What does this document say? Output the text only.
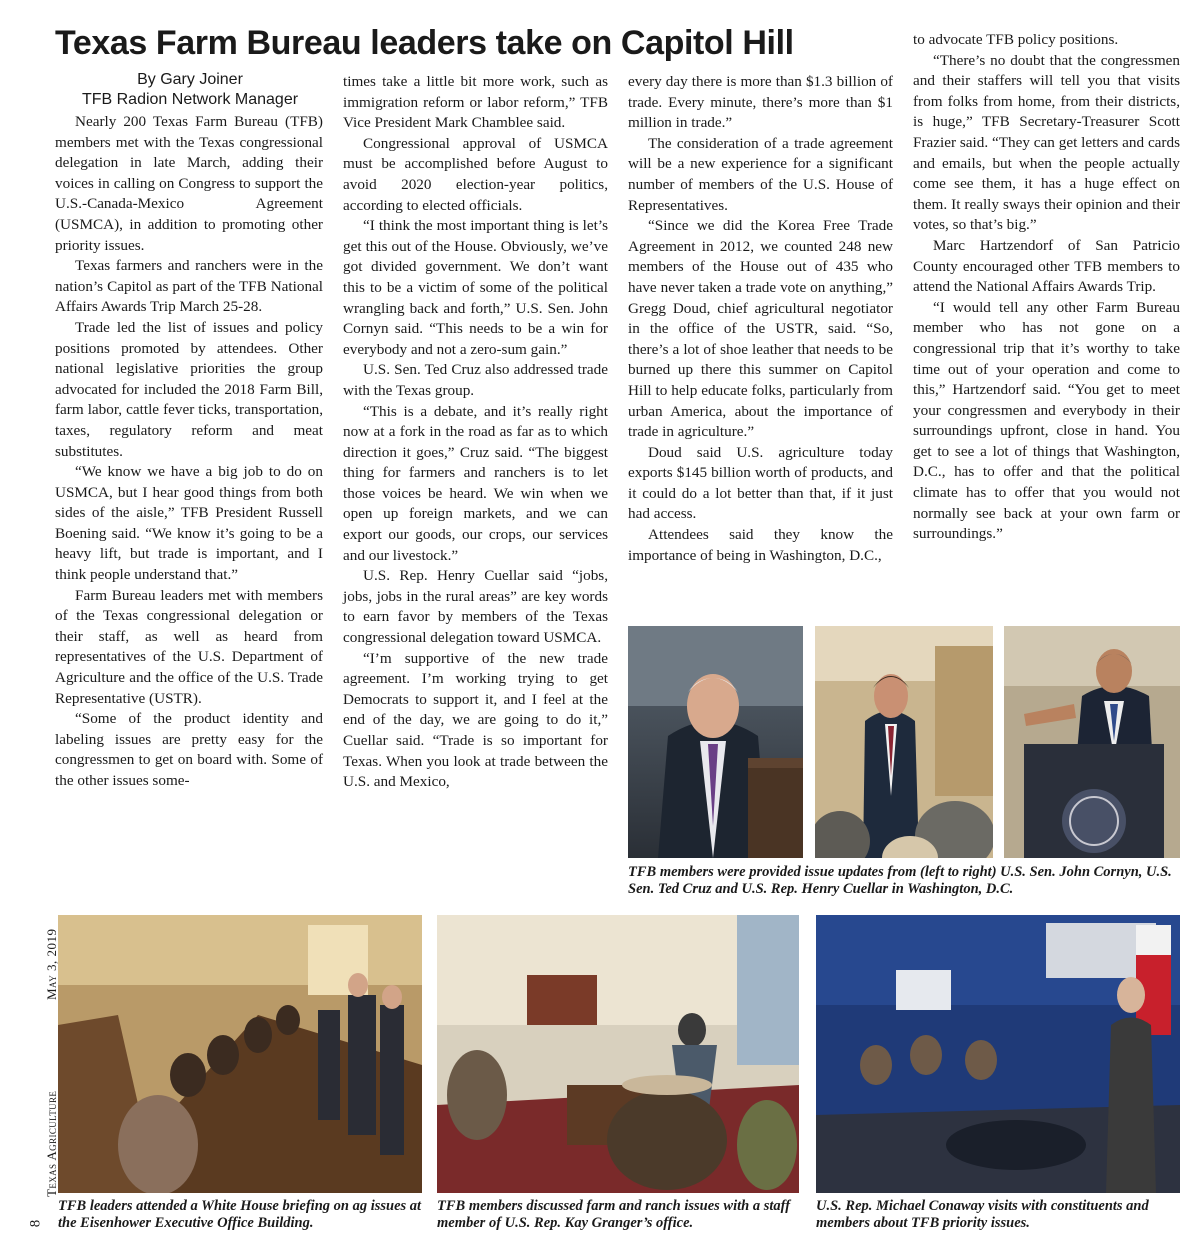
Texas Farm Bureau leaders take on Capitol Hill
By Gary Joiner
TFB Radion Network Manager

Nearly 200 Texas Farm Bureau (TFB) members met with the Texas congressional delegation in late March, adding their voices in calling on Congress to support the U.S.-Canada-Mexico Agreement (USMCA), in addition to promoting other priority issues.

Texas farmers and ranchers were in the nation’s Capitol as part of the TFB National Affairs Awards Trip March 25-28.

Trade led the list of issues and policy positions promoted by attendees. Other national legislative priorities the group advocated for included the 2018 Farm Bill, farm labor, cattle fever ticks, transportation, taxes, regulatory reform and meat substitutes.

“We know we have a big job to do on USMCA, but I hear good things from both sides of the aisle,” TFB President Russell Boening said. “We know it’s going to be a heavy lift, but trade is important, and I think people understand that.”

Farm Bureau leaders met with members of the Texas congressional delegation or their staff, as well as heard from representatives of the U.S. Department of Agriculture and the office of the U.S. Trade Representative (USTR).

“Some of the product identity and labeling issues are pretty easy for the congressmen to get on board with. Some of the other issues some-

times take a little bit more work, such as immigration reform or labor reform,” TFB Vice President Mark Chamblee said.

Congressional approval of USMCA must be accomplished before August to avoid 2020 election-year politics, according to elected officials.

“I think the most important thing is let’s get this out of the House. Obviously, we’ve got divided government. We don’t want this to be a victim of some of the political wrangling back and forth,” U.S. Sen. John Cornyn said. “This needs to be a win for everybody and not a zero-sum gain.”

U.S. Sen. Ted Cruz also addressed trade with the Texas group.

“This is a debate, and it’s really right now at a fork in the road as far as to which direction it goes,” Cruz said. “The biggest thing for farmers and ranchers is to let those voices be heard. We win when we open up foreign markets, and we can export our goods, our crops, our services and our livestock.”

U.S. Rep. Henry Cuellar said “jobs, jobs, jobs in the rural areas” are key words to earn favor by members of the Texas congressional delegation toward USMCA.

“I’m supportive of the new trade agreement. I’m working trying to get Democrats to support it, and I feel at the end of the day, we are going to do it,” Cuellar said. “Trade is so important for Texas. When you look at trade between the U.S. and Mexico,

every day there is more than $1.3 billion of trade. Every minute, there’s more than $1 million in trade.”

The consideration of a trade agreement will be a new experience for a significant number of members of the U.S. House of Representatives.

“Since we did the Korea Free Trade Agreement in 2012, we counted 248 new members of the House out of 435 who have never taken a trade vote on anything,” Gregg Doud, chief agricultural negotiator in the office of the USTR, said. “So, there’s a lot of shoe leather that needs to be burned up there this summer on Capitol Hill to help educate folks, particularly from urban America, about the importance of trade in agriculture.”

Doud said U.S. agriculture today exports $145 billion worth of products, and it could do a lot better than that, if it just had access.

Attendees said they know the importance of being in Washington, D.C.,

to advocate TFB policy positions.

“There’s no doubt that the congressmen and their staffers will tell you that visits from folks from home, from their districts, is huge,” TFB Secretary-Treasurer Scott Frazier said. “They can get letters and cards and emails, but when the people actually come see them, it has a huge effect on them. It really sways their opinion and their votes, so that’s big.”

Marc Hartzendorf of San Patricio County encouraged other TFB members to attend the National Affairs Awards Trip.

“I would tell any other Farm Bureau member who has not gone on a congressional trip that it’s worthy to take time out of your operation and come to this,” Hartzendorf said. “You get to meet your congressmen and everybody in their surroundings upfront, close in hand. You get to see a lot of things that Washington, D.C., has to offer and that the political climate has to offer that you would not normally see back at your own farm or surroundings.”

TFB members were provided issue updates from (left to right) U.S. Sen. John Cornyn, U.S. Sen. Ted Cruz and U.S. Rep. Henry Cuellar in Washington, D.C.
TFB leaders attended a White House briefing on ag issues at the Eisenhower Executive Office Building.
TFB members discussed farm and ranch issues with a staff member of U.S. Rep. Kay Granger’s office.
U.S. Rep. Michael Conaway visits with constituents and members about TFB priority issues.
May 3, 2019
Texas Agriculture
8
